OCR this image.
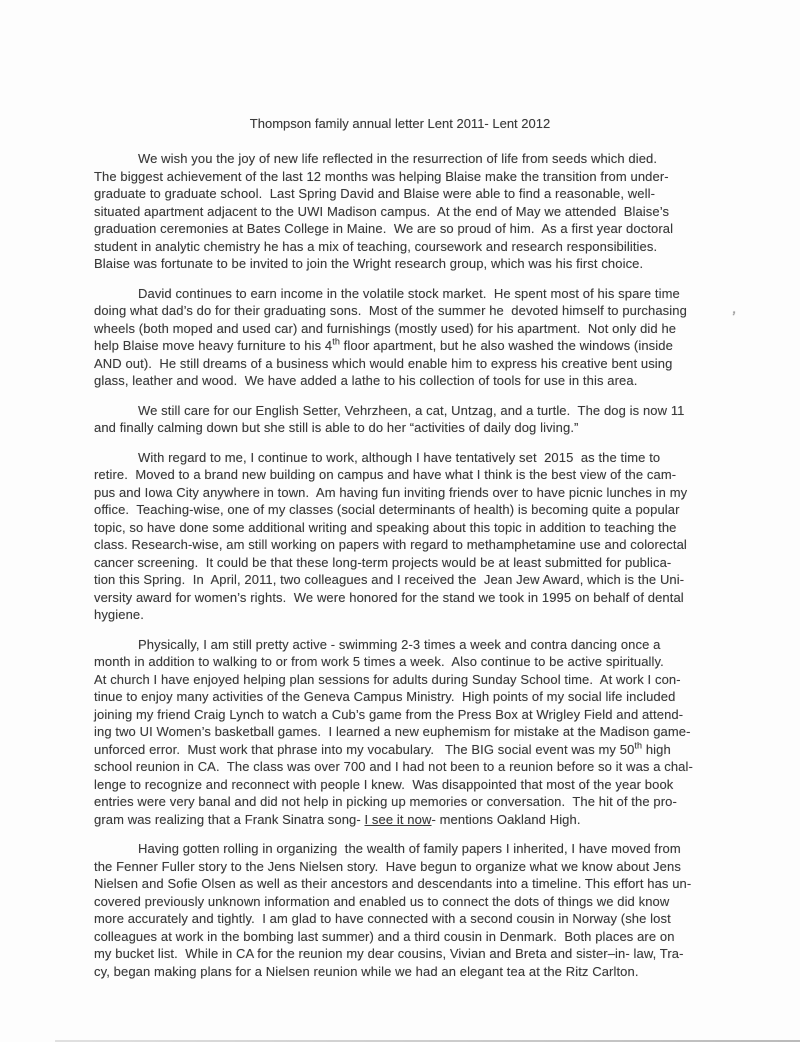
Thompson family annual letter Lent 2011- Lent 2012
We wish you the joy of new life reflected in the resurrection of life from seeds which died.
The biggest achievement of the last 12 months was helping Blaise make the transition from under-
graduate to graduate school.  Last Spring David and Blaise were able to find a reasonable, well-
situated apartment adjacent to the UWI Madison campus.  At the end of May we attended  Blaise’s
graduation ceremonies at Bates College in Maine.  We are so proud of him.  As a first year doctoral
student in analytic chemistry he has a mix of teaching, coursework and research responsibilities.
Blaise was fortunate to be invited to join the Wright research group, which was his first choice.
David continues to earn income in the volatile stock market.  He spent most of his spare time
doing what dad’s do for their graduating sons.  Most of the summer he  devoted himself to purchasing
wheels (both moped and used car) and furnishings (mostly used) for his apartment.  Not only did he
help Blaise move heavy furniture to his 4th floor apartment, but he also washed the windows (inside
AND out).  He still dreams of a business which would enable him to express his creative bent using
glass, leather and wood.  We have added a lathe to his collection of tools for use in this area.
We still care for our English Setter, Vehrzheen, a cat, Untzag, and a turtle.  The dog is now 11
and finally calming down but she still is able to do her “activities of daily dog living.”
With regard to me, I continue to work, although I have tentatively set  2015  as the time to
retire.  Moved to a brand new building on campus and have what I think is the best view of the cam-
pus and Iowa City anywhere in town.  Am having fun inviting friends over to have picnic lunches in my
office.  Teaching-wise, one of my classes (social determinants of health) is becoming quite a popular
topic, so have done some additional writing and speaking about this topic in addition to teaching the
class. Research-wise, am still working on papers with regard to methamphetamine use and colorectal
cancer screening.  It could be that these long-term projects would be at least submitted for publica-
tion this Spring.  In  April, 2011, two colleagues and I received the  Jean Jew Award, which is the Uni-
versity award for women’s rights.  We were honored for the stand we took in 1995 on behalf of dental
hygiene.
Physically, I am still pretty active - swimming 2-3 times a week and contra dancing once a
month in addition to walking to or from work 5 times a week.  Also continue to be active spiritually.
At church I have enjoyed helping plan sessions for adults during Sunday School time.  At work I con-
tinue to enjoy many activities of the Geneva Campus Ministry.  High points of my social life included
joining my friend Craig Lynch to watch a Cub’s game from the Press Box at Wrigley Field and attend-
ing two UI Women’s basketball games.  I learned a new euphemism for mistake at the Madison game-
unforced error.  Must work that phrase into my vocabulary.   The BIG social event was my 50th high
school reunion in CA.  The class was over 700 and I had not been to a reunion before so it was a chal-
lenge to recognize and reconnect with people I knew.  Was disappointed that most of the year book
entries were very banal and did not help in picking up memories or conversation.  The hit of the pro-
gram was realizing that a Frank Sinatra song- I see it now- mentions Oakland High.
Having gotten rolling in organizing  the wealth of family papers I inherited, I have moved from
the Fenner Fuller story to the Jens Nielsen story.  Have begun to organize what we know about Jens
Nielsen and Sofie Olsen as well as their ancestors and descendants into a timeline. This effort has un-
covered previously unknown information and enabled us to connect the dots of things we did know
more accurately and tightly.  I am glad to have connected with a second cousin in Norway (she lost
colleagues at work in the bombing last summer) and a third cousin in Denmark.  Both places are on
my bucket list.  While in CA for the reunion my dear cousins, Vivian and Breta and sister–in- law, Tra-
cy, began making plans for a Nielsen reunion while we had an elegant tea at the Ritz Carlton.
’
